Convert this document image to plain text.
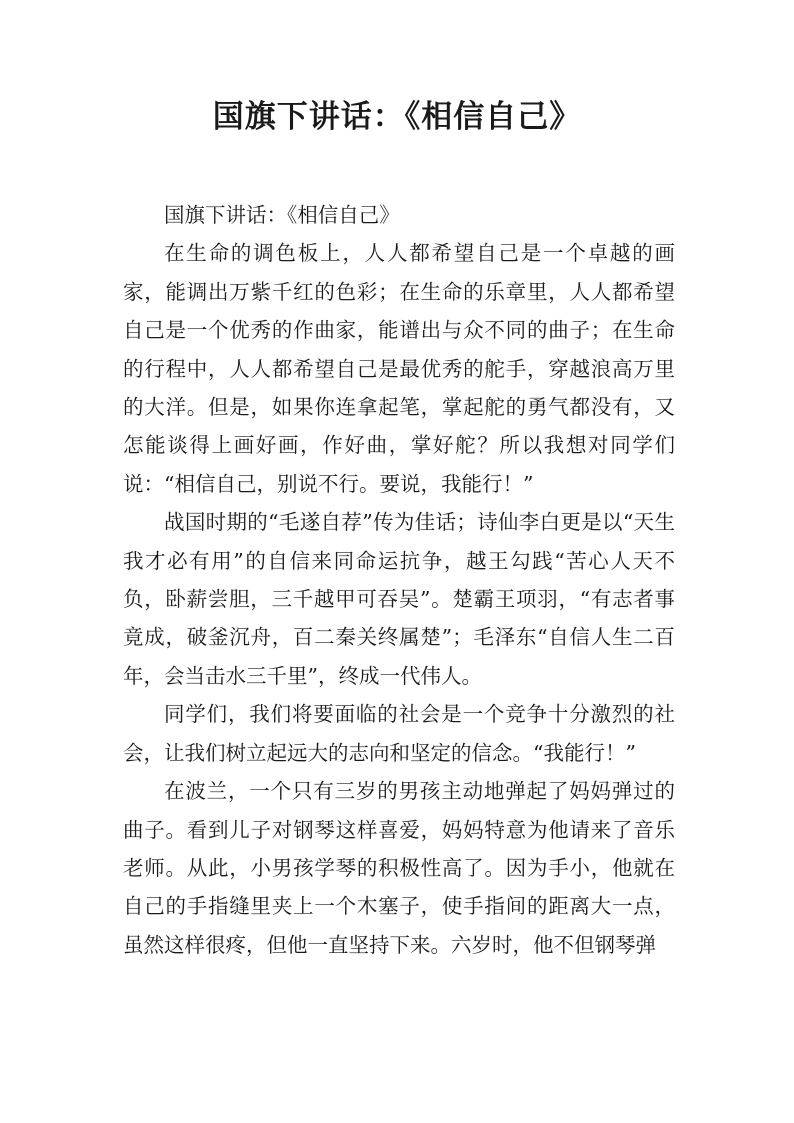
国旗下讲话：《相信自己》

国旗下讲话：《相信自己》

在生命的调色板上，人人都希望自己是一个卓越的画家，能调出万紫千红的色彩；在生命的乐章里，人人都希望自己是一个优秀的作曲家，能谱出与众不同的曲子；在生命的行程中，人人都希望自己是最优秀的舵手，穿越浪高万里的大洋。但是，如果你连拿起笔，掌起舵的勇气都没有，又怎能谈得上画好画，作好曲，掌好舵？所以我想对同学们说：“相信自己，别说不行。要说，我能行！”

战国时期的“毛遂自荐”传为佳话；诗仙李白更是以“天生我才必有用”的自信来同命运抗争，越王勾践“苦心人天不负，卧薪尝胆，三千越甲可吞吴”。楚霸王项羽，“有志者事竟成，破釜沉舟，百二秦关终属楚”；毛泽东“自信人生二百年，会当击水三千里”，终成一代伟人。

同学们，我们将要面临的社会是一个竞争十分激烈的社会，让我们树立起远大的志向和坚定的信念。“我能行！”

在波兰，一个只有三岁的男孩主动地弹起了妈妈弹过的曲子。看到儿子对钢琴这样喜爱，妈妈特意为他请来了音乐老师。从此，小男孩学琴的积极性高了。因为手小，他就在自己的手指缝里夹上一个木塞子，使手指间的距离大一点，虽然这样很疼，但他一直坚持下来。六岁时，他不但钢琴弹
